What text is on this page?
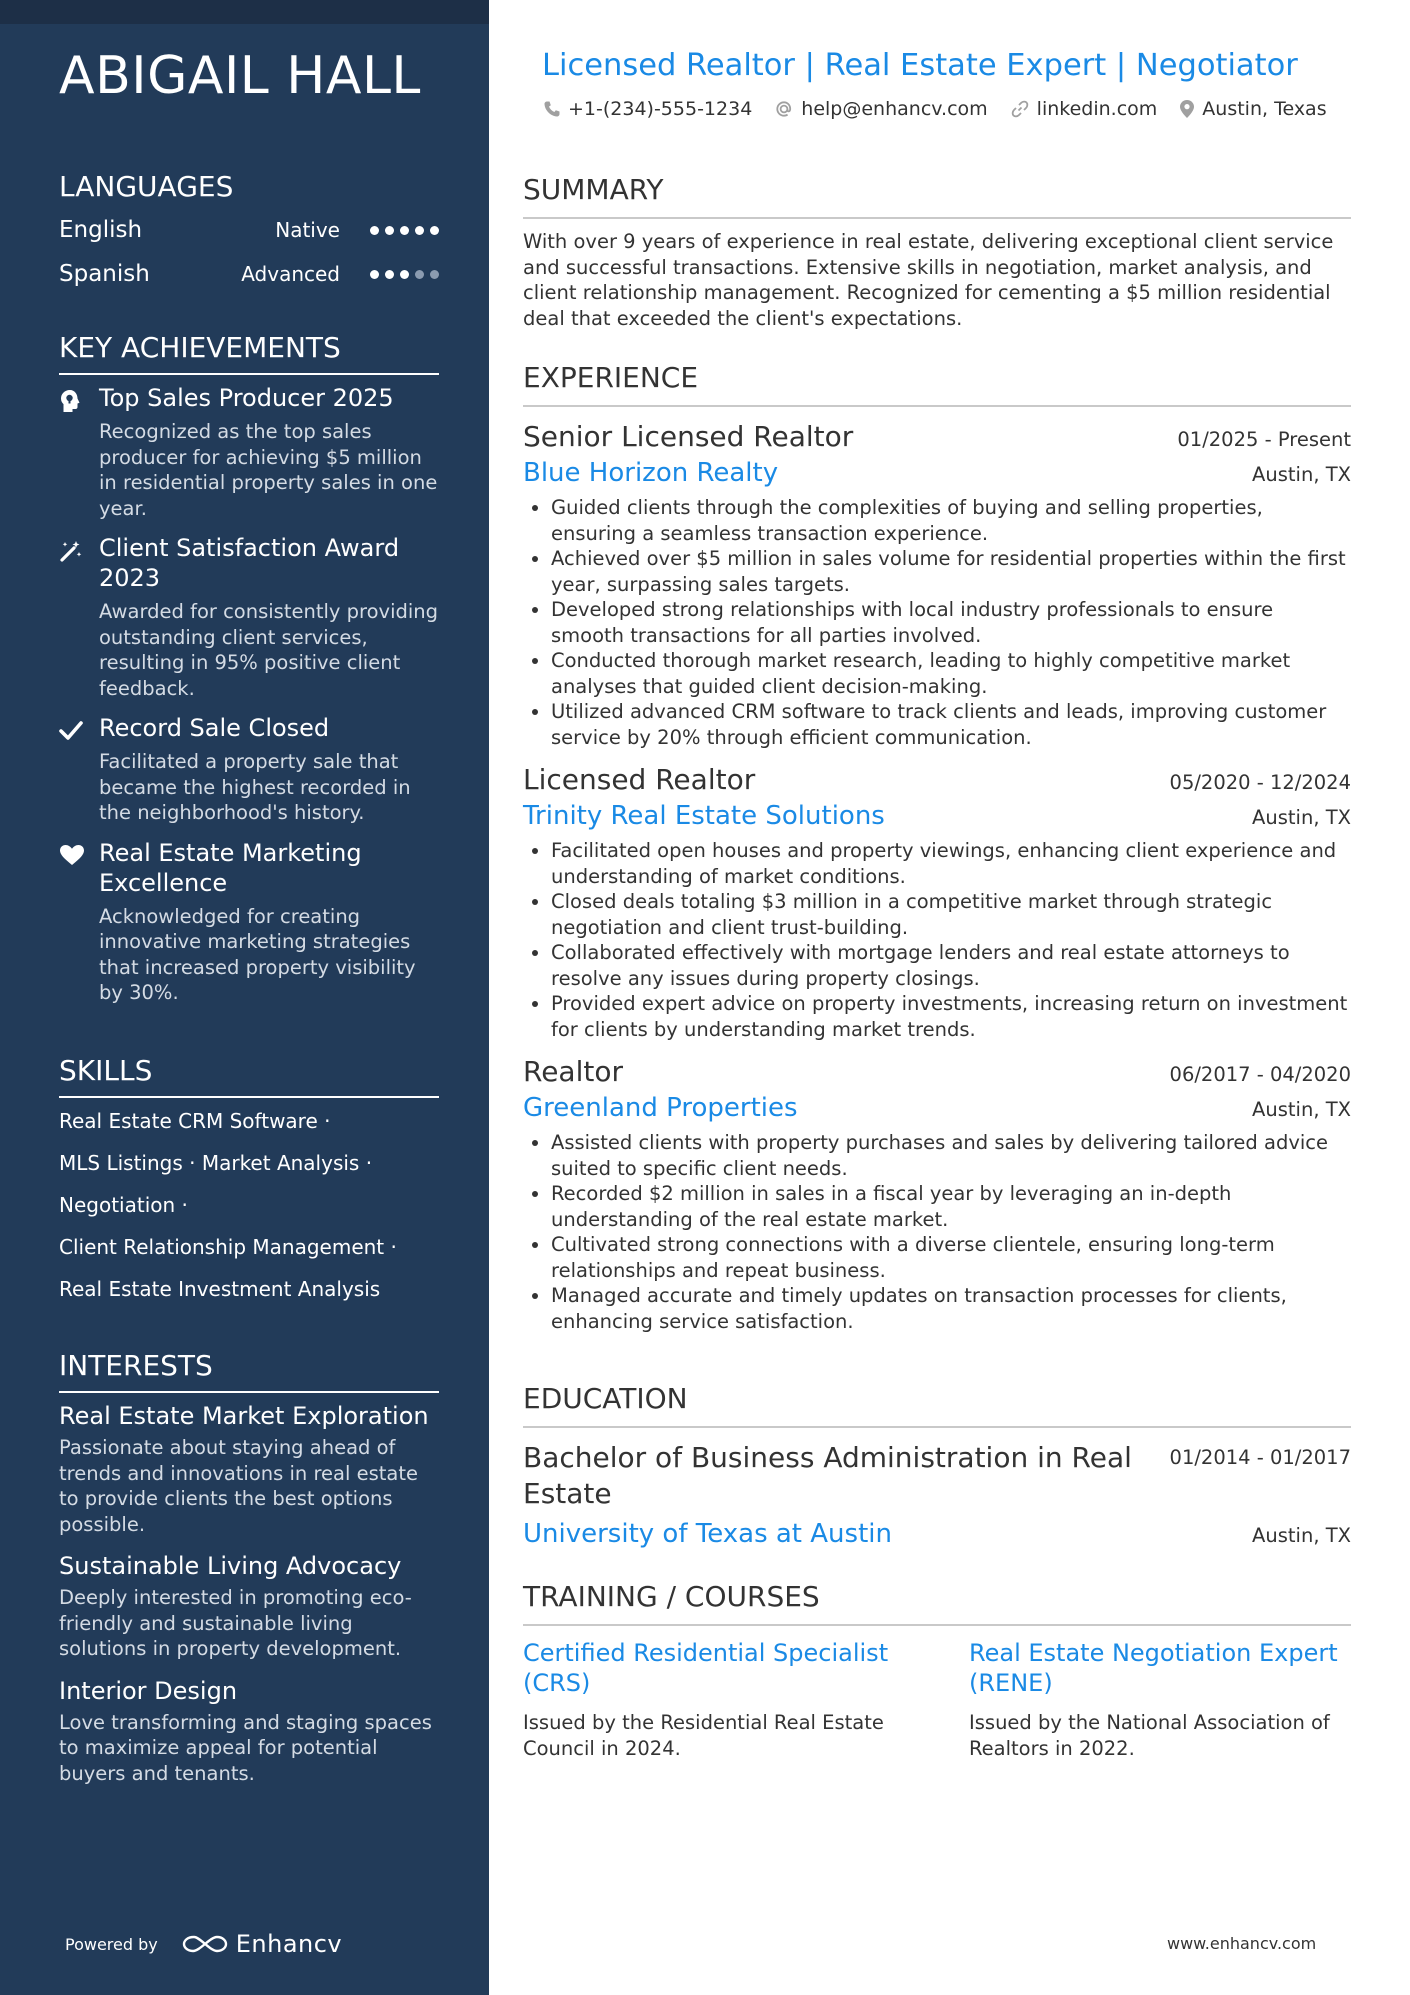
ABIGAIL HALL
LANGUAGES
English	Native
Spanish	Advanced
KEY ACHIEVEMENTS
Top Sales Producer 2025
Recognized as the top sales producer for achieving $5 million in residential property sales in one year.
Client Satisfaction Award 2023
Awarded for consistently providing outstanding client services, resulting in 95% positive client feedback.
Record Sale Closed
Facilitated a property sale that became the highest recorded in the neighborhood's history.
Real Estate Marketing Excellence
Acknowledged for creating innovative marketing strategies that increased property visibility by 30%.
SKILLS
Real Estate CRM Software ·
MLS Listings · Market Analysis ·
Negotiation ·
Client Relationship Management ·
Real Estate Investment Analysis
INTERESTS
Real Estate Market Exploration
Passionate about staying ahead of trends and innovations in real estate to provide clients the best options possible.
Sustainable Living Advocacy
Deeply interested in promoting eco-friendly and sustainable living solutions in property development.
Interior Design
Love transforming and staging spaces to maximize appeal for potential buyers and tenants.
Powered by	Enhancv
Licensed Realtor | Real Estate Expert | Negotiator
+1-(234)-555-1234	help@enhancv.com	linkedin.com Austin, Texas
SUMMARY
With over 9 years of experience in real estate, delivering exceptional client service and successful transactions. Extensive skills in negotiation, market analysis, and client relationship management. Recognized for cementing a $5 million residential deal that exceeded the client's expectations.
EXPERIENCE
Senior Licensed Realtor	01/2025 - Present
Blue Horizon Realty	Austin, TX
• Guided clients through the complexities of buying and selling properties, ensuring a seamless transaction experience.
• Achieved over $5 million in sales volume for residential properties within the first year, surpassing sales targets.
• Developed strong relationships with local industry professionals to ensure smooth transactions for all parties involved.
• Conducted thorough market research, leading to highly competitive market analyses that guided client decision-making.
• Utilized advanced CRM software to track clients and leads, improving customer service by 20% through efficient communication.
Licensed Realtor	05/2020 - 12/2024
Trinity Real Estate Solutions	Austin, TX
• Facilitated open houses and property viewings, enhancing client experience and understanding of market conditions.
• Closed deals totaling $3 million in a competitive market through strategic negotiation and client trust-building.
• Collaborated effectively with mortgage lenders and real estate attorneys to resolve any issues during property closings.
• Provided expert advice on property investments, increasing return on investment for clients by understanding market trends.
Realtor	06/2017 - 04/2020
Greenland Properties	Austin, TX
• Assisted clients with property purchases and sales by delivering tailored advice suited to specific client needs.
• Recorded $2 million in sales in a fiscal year by leveraging an in-depth understanding of the real estate market.
• Cultivated strong connections with a diverse clientele, ensuring long-term relationships and repeat business.
• Managed accurate and timely updates on transaction processes for clients, enhancing service satisfaction.
EDUCATION
Bachelor of Business Administration in Real Estate
01/2014 - 01/2017
University of Texas at Austin	Austin, TX
TRAINING / COURSES
Certified Residential Specialist (CRS)
Issued by the Residential Real Estate Council in 2024.
Real Estate Negotiation Expert (RENE)
Issued by the National Association of Realtors in 2022.
www.enhancv.com
